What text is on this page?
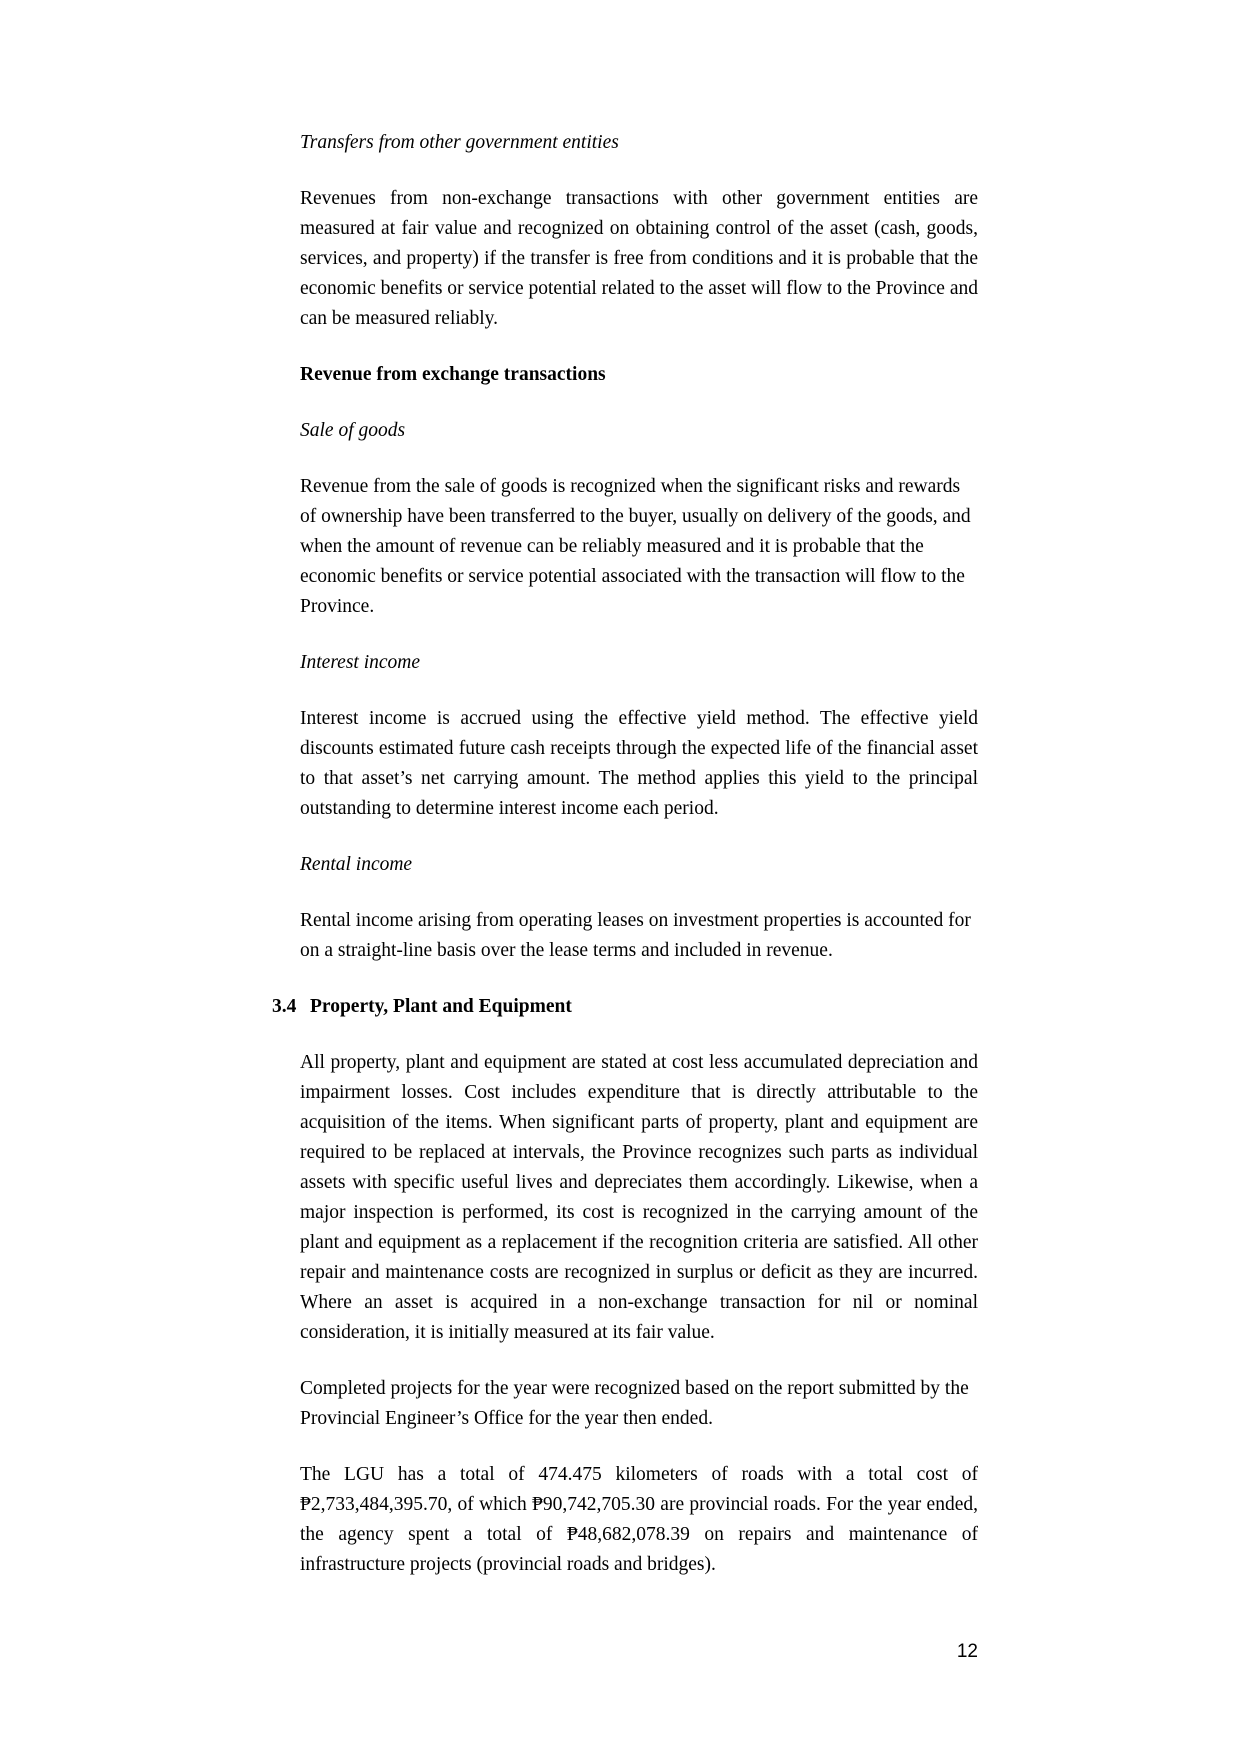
Transfers from other government entities

Revenues from non-exchange transactions with other government entities are measured at fair value and recognized on obtaining control of the asset (cash, goods, services, and property) if the transfer is free from conditions and it is probable that the economic benefits or service potential related to the asset will flow to the Province and can be measured reliably.

Revenue from exchange transactions
Sale of goods

Revenue from the sale of goods is recognized when the significant risks and rewards of ownership have been transferred to the buyer, usually on delivery of the goods, and when the amount of revenue can be reliably measured and it is probable that the economic benefits or service potential associated with the transaction will flow to the Province.

Interest income

Interest income is accrued using the effective yield method. The effective yield discounts estimated future cash receipts through the expected life of the financial asset to that asset’s net carrying amount. The method applies this yield to the principal outstanding to determine interest income each period.

Rental income

Rental income arising from operating leases on investment properties is accounted for on a straight-line basis over the lease terms and included in revenue.

3.4 Property, Plant and Equipment

All property, plant and equipment are stated at cost less accumulated depreciation and impairment losses. Cost includes expenditure that is directly attributable to the acquisition of the items. When significant parts of property, plant and equipment are required to be replaced at intervals, the Province recognizes such parts as individual assets with specific useful lives and depreciates them accordingly. Likewise, when a major inspection is performed, its cost is recognized in the carrying amount of the plant and equipment as a replacement if the recognition criteria are satisfied. All other repair and maintenance costs are recognized in surplus or deficit as they are incurred. Where an asset is acquired in a non-exchange transaction for nil or nominal consideration, it is initially measured at its fair value.

Completed projects for the year were recognized based on the report submitted by the Provincial Engineer’s Office for the year then ended.

The LGU has a total of 474.475 kilometers of roads with a total cost of ₱2,733,484,395.70, of which ₱90,742,705.30 are provincial roads. For the year ended, the agency spent a total of ₱48,682,078.39 on repairs and maintenance of infrastructure projects (provincial roads and bridges).

12
